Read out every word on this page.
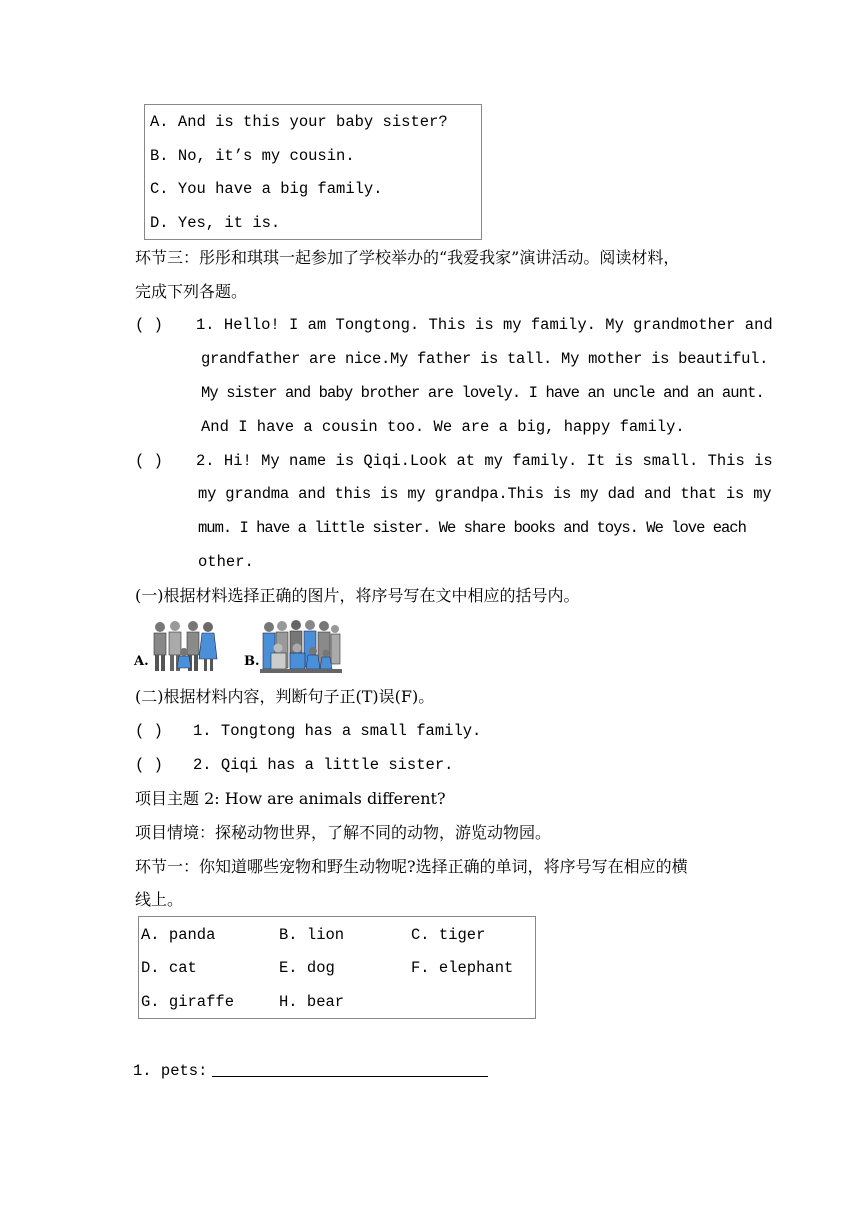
A. And is this your baby sister?
B. No, it’s my cousin.
C. You have a big family.
D. Yes, it is.
环节三：彤彤和琪琪一起参加了学校举办的“我爱我家”演讲活动。阅读材料，
完成下列各题。
( ) 1. Hello! I am Tongtong. This is my family. My grandmother and
grandfather are nice.My father is tall. My mother is beautiful.
My sister and baby brother are lovely. I have an uncle and an aunt.
And I have a cousin too. We are a big, happy family.
( ) 2. Hi! My name is Qiqi.Look at my family. It is small. This is
my grandma and this is my grandpa.This is my dad and that is my
mum. I have a little sister. We share books and toys. We love each
other.
(一)根据材料选择正确的图片，将序号写在文中相应的括号内。
A.	B.
(二)根据材料内容，判断句子正(T)误(F)。
( ) 1. Tongtong has a small family.
( ) 2. Qiqi has a little sister.
项目主题 2: How are animals different?
项目情境：探秘动物世界，了解不同的动物，游览动物园。
环节一：你知道哪些宠物和野生动物呢?选择正确的单词，将序号写在相应的横
线上。
A. panda	B. lion	C. tiger
D. cat	E. dog	F. elephant
G. giraffe	H. bear
1. pets:
